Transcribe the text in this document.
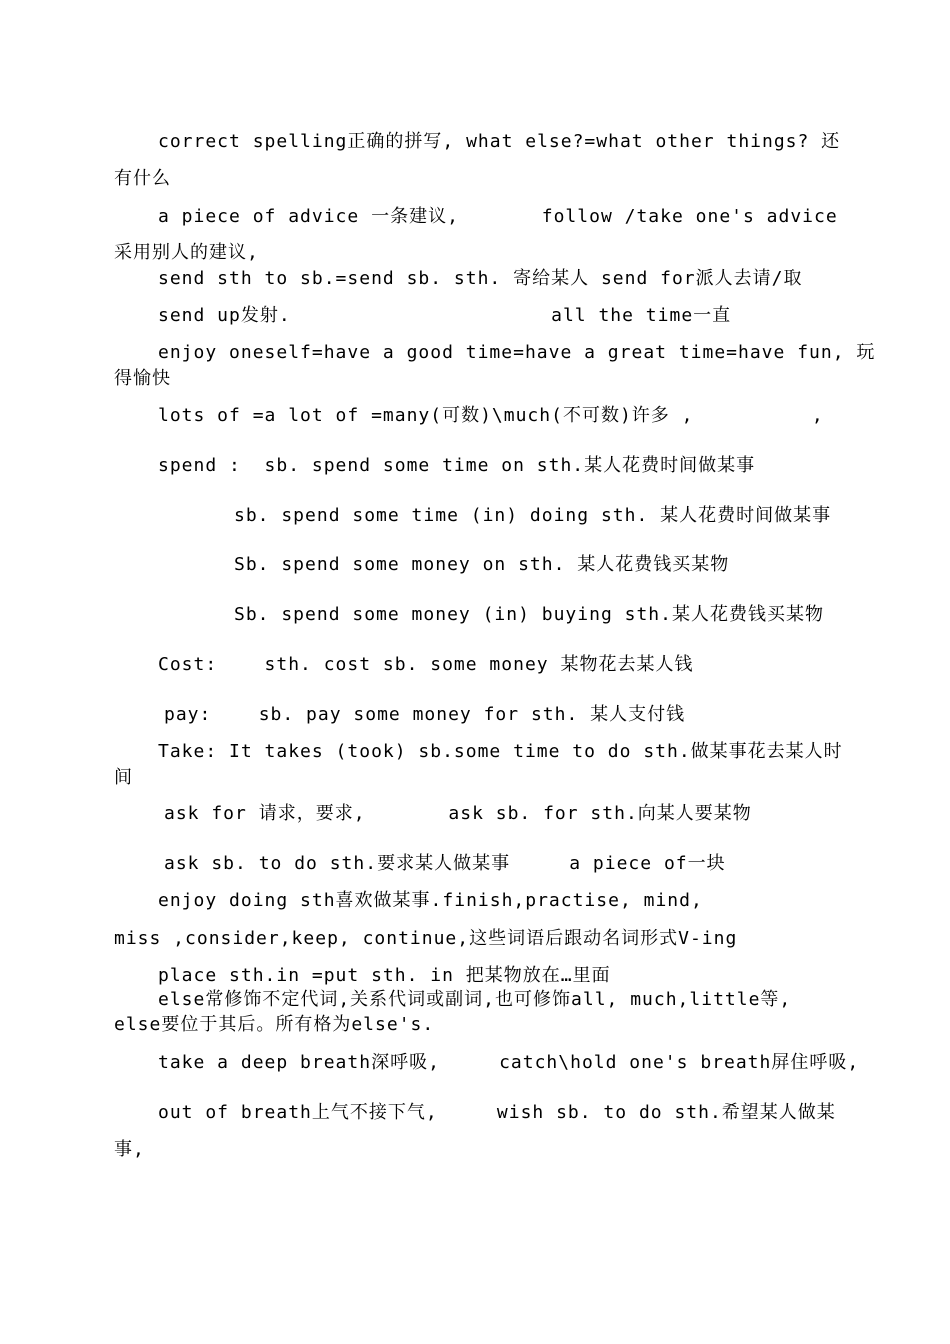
correct spelling正确的拼写, what else?=what other things? 还
有什么
a piece of advice 一条建议,       follow /take one's advice
采用别人的建议,
send sth to sb.=send sb. sth. 寄给某人 send for派人去请/取
send up发射.                      all the time一直
enjoy oneself=have a good time=have a great time=have fun, 玩
得愉快
lots of =a lot of =many(可数)\much(不可数)许多 ,          ,
spend :  sb. spend some time on sth.某人花费时间做某事
sb. spend some time (in) doing sth. 某人花费时间做某事
Sb. spend some money on sth. 某人花费钱买某物
Sb. spend some money (in) buying sth.某人花费钱买某物
Cost:    sth. cost sb. some money 某物花去某人钱
pay:    sb. pay some money for sth. 某人支付钱
Take: It takes (took) sb.some time to do sth.做某事花去某人时
间
ask for 请求，要求,       ask sb. for sth.向某人要某物
ask sb. to do sth.要求某人做某事     a piece of一块
enjoy doing sth喜欢做某事.finish,practise, mind,
miss ,consider,keep, continue,这些词语后跟动名词形式V-ing
place sth.in =put sth. in 把某物放在…里面
else常修饰不定代词,关系代词或副词,也可修饰all, much,little等,
else要位于其后。所有格为else's.
take a deep breath深呼吸,     catch\hold one's breath屏住呼吸,
out of breath上气不接下气,     wish sb. to do sth.希望某人做某
事,
